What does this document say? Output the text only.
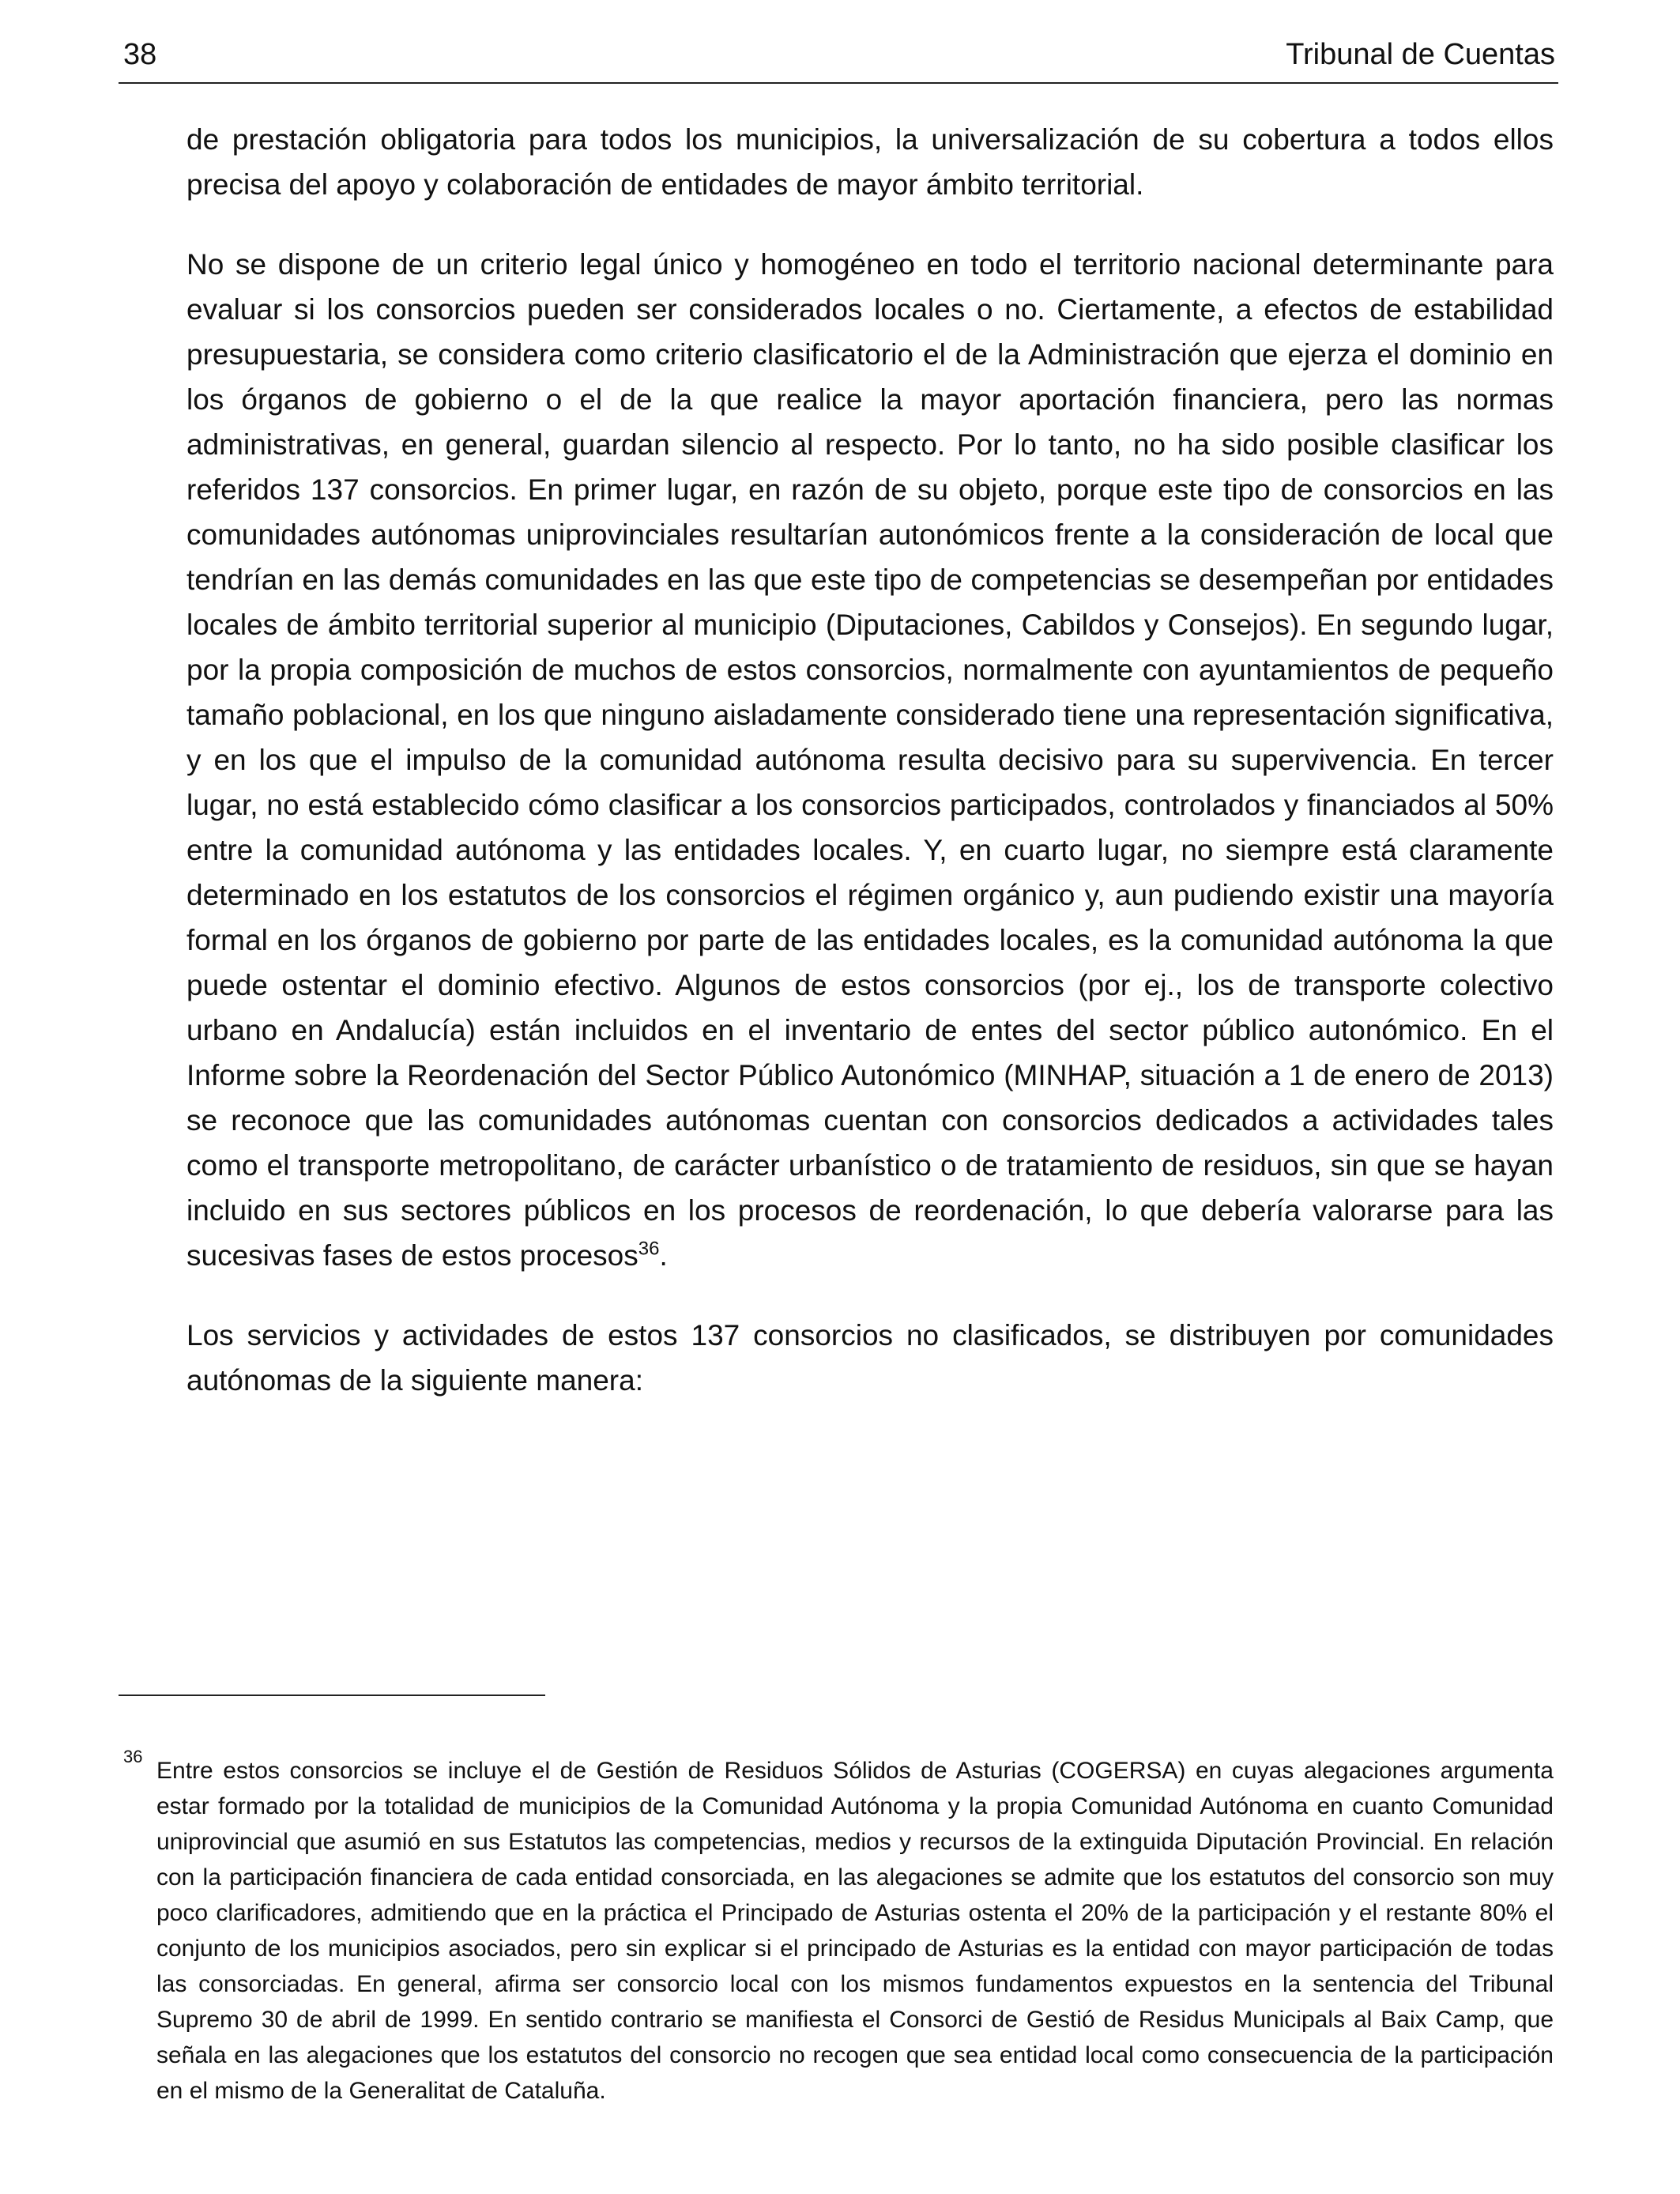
38	Tribunal de Cuentas

de prestación obligatoria para todos los municipios, la universalización de su cobertura a todos ellos precisa del apoyo y colaboración de entidades de mayor ámbito territorial.

No se dispone de un criterio legal único y homogéneo en todo el territorio nacional determinante para evaluar si los consorcios pueden ser considerados locales o no. Ciertamente, a efectos de estabilidad presupuestaria, se considera como criterio clasificatorio el de la Administración que ejerza el dominio en los órganos de gobierno o el de la que realice la mayor aportación financiera, pero las normas administrativas, en general, guardan silencio al respecto. Por lo tanto, no ha sido posible clasificar los referidos 137 consorcios. En primer lugar, en razón de su objeto, porque este tipo de consorcios en las comunidades autónomas uniprovinciales resultarían autonómicos frente a la consideración de local que tendrían en las demás comunidades en las que este tipo de competencias se desempeñan por entidades locales de ámbito territorial superior al municipio (Diputaciones, Cabildos y Consejos). En segundo lugar, por la propia composición de muchos de estos consorcios, normalmente con ayuntamientos de pequeño tamaño poblacional, en los que ninguno aisladamente considerado tiene una representación significativa, y en los que el impulso de la comunidad autónoma resulta decisivo para su supervivencia. En tercer lugar, no está establecido cómo clasificar a los consorcios participados, controlados y financiados al 50% entre la comunidad autónoma y las entidades locales. Y, en cuarto lugar, no siempre está claramente determinado en los estatutos de los consorcios el régimen orgánico y, aun pudiendo existir una mayoría formal en los órganos de gobierno por parte de las entidades locales, es la comunidad autónoma la que puede ostentar el dominio efectivo. Algunos de estos consorcios (por ej., los de transporte colectivo urbano en Andalucía) están incluidos en el inventario de entes del sector público autonómico. En el Informe sobre la Reordenación del Sector Público Autonómico (MINHAP, situación a 1 de enero de 2013) se reconoce que las comunidades autónomas cuentan con consorcios dedicados a actividades tales como el transporte metropolitano, de carácter urbanístico o de tratamiento de residuos, sin que se hayan incluido en sus sectores públicos en los procesos de reordenación, lo que debería valorarse para las sucesivas fases de estos procesos$^{36}$.

Los servicios y actividades de estos 137 consorcios no clasificados, se distribuyen por comunidades autónomas de la siguiente manera:

36

Entre estos consorcios se incluye el de Gestión de Residuos Sólidos de Asturias (COGERSA) en cuyas alegaciones argumenta estar formado por la totalidad de municipios de la Comunidad Autónoma y la propia Comunidad Autónoma en cuanto Comunidad uniprovincial que asumió en sus Estatutos las competencias, medios y recursos de la extinguida Diputación Provincial. En relación con la participación financiera de cada entidad consorciada, en las alegaciones se admite que los estatutos del consorcio son muy poco clarificadores, admitiendo que en la práctica el Principado de Asturias ostenta el 20% de la participación y el restante 80% el conjunto de los municipios asociados, pero sin explicar si el principado de Asturias es la entidad con mayor participación de todas las consorciadas. En general, afirma ser consorcio local con los mismos fundamentos expuestos en la sentencia del Tribunal Supremo 30 de abril de 1999. En sentido contrario se manifiesta el Consorci de Gestió de Residus Municipals al Baix Camp, que señala en las alegaciones que los estatutos del consorcio no recogen que sea entidad local como consecuencia de la participación en el mismo de la Generalitat de Cataluña.
